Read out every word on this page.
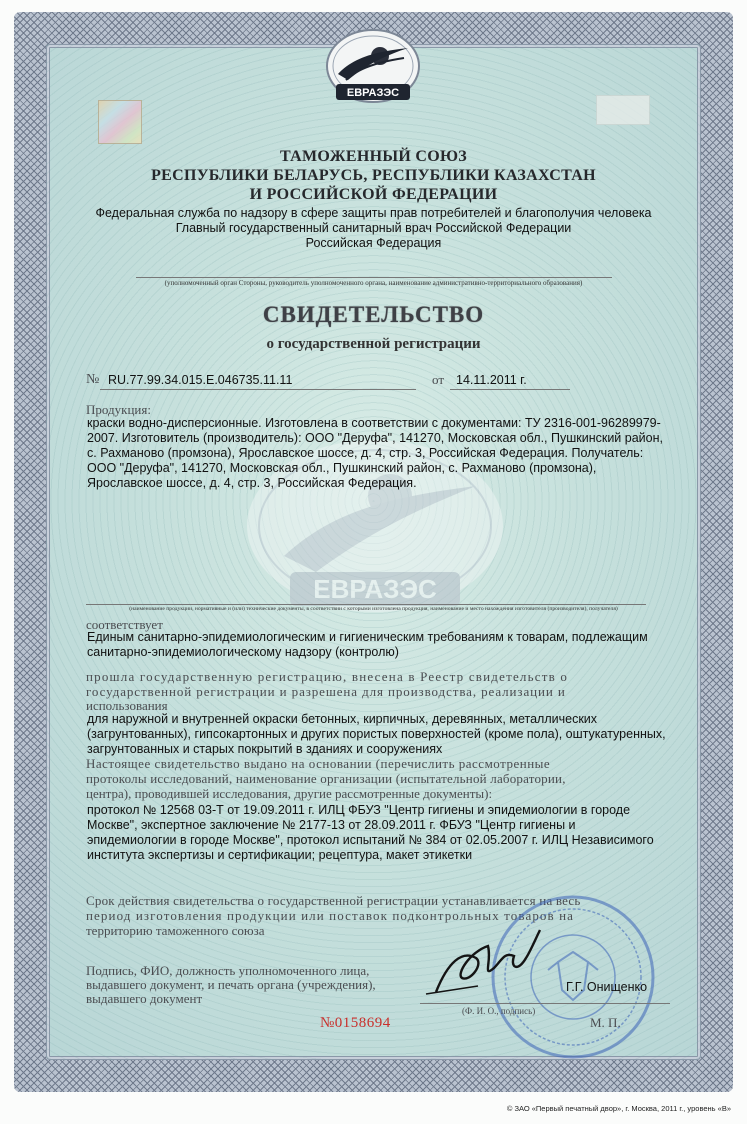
ЕВРАЗЭС
ТАМОЖЕННЫЙ СОЮЗ
РЕСПУБЛИКИ БЕЛАРУСЬ, РЕСПУБЛИКИ КАЗАХСТАН
И РОССИЙСКОЙ ФЕДЕРАЦИИ
Федеральная служба по надзору в сфере защиты прав потребителей и благополучия человека
Главный государственный санитарный врач Российской Федерации
Российская Федерация
(уполномоченный орган Стороны, руководитель уполномоченного органа, наименование административно-территориального образования)
СВИДЕТЕЛЬСТВО
о государственной регистрации
№ RU.77.99.34.015.Е.046735.11.11	от 14.11.2011 г.
ЕВРАЗЭС
Продукция:
краски водно-дисперсионные. Изготовлена в соответствии с документами: ТУ 2316-001-96289979-
2007. Изготовитель (производитель): ООО "Деруфа", 141270, Московская обл., Пушкинский район,
с. Рахманово (промзона), Ярославское шоссе, д. 4, стр. 3, Российская Федерация. Получатель:
ООО "Деруфа", 141270, Московская обл., Пушкинский район, с. Рахманово (промзона),
Ярославское шоссе, д. 4, стр. 3, Российская Федерация.
(наименование продукции, нормативные и (или) технические документы, в соответствии с которыми изготовлена продукция, наименование и место нахождения изготовителя (производителя), получателя)
соответствует
Единым санитарно-эпидемиологическим и гигиеническим требованиям к товарам, подлежащим
санитарно-эпидемиологическому надзору (контролю)
прошла государственную регистрацию, внесена в Реестр свидетельств о
государственной регистрации и разрешена для производства, реализации и
использования
для наружной и внутренней окраски бетонных, кирпичных, деревянных, металлических
(загрунтованных), гипсокартонных и других пористых поверхностей (кроме пола), оштукатуренных,
загрунтованных и старых покрытий в зданиях и сооружениях
Настоящее свидетельство выдано на основании (перечислить рассмотренные
протоколы исследований, наименование организации (испытательной лаборатории,
центра), проводившей исследования, другие рассмотренные документы):
протокол № 12568 03-Т от 19.09.2011 г. ИЛЦ ФБУЗ "Центр гигиены и эпидемиологии в городе
Москве", экспертное заключение № 2177-13 от 28.09.2011 г. ФБУЗ "Центр гигиены и
эпидемиологии в городе Москве", протокол испытаний № 384 от 02.05.2007 г. ИЛЦ Независимого
института экспертизы и сертификации; рецептура, макет этикетки
Срок действия свидетельства о государственной регистрации устанавливается на весь
период изготовления продукции или поставок подконтрольных товаров на
территорию таможенного союза
Подпись, ФИО, должность уполномоченного лица,
выдавшего документ, и печать органа (учреждения),
выдавшего документ
Г.Г. Онищенко
(Ф. И. О., подпись)
№0158694	М. П.
© ЗАО «Первый печатный двор», г. Москва, 2011 г., уровень «В»
